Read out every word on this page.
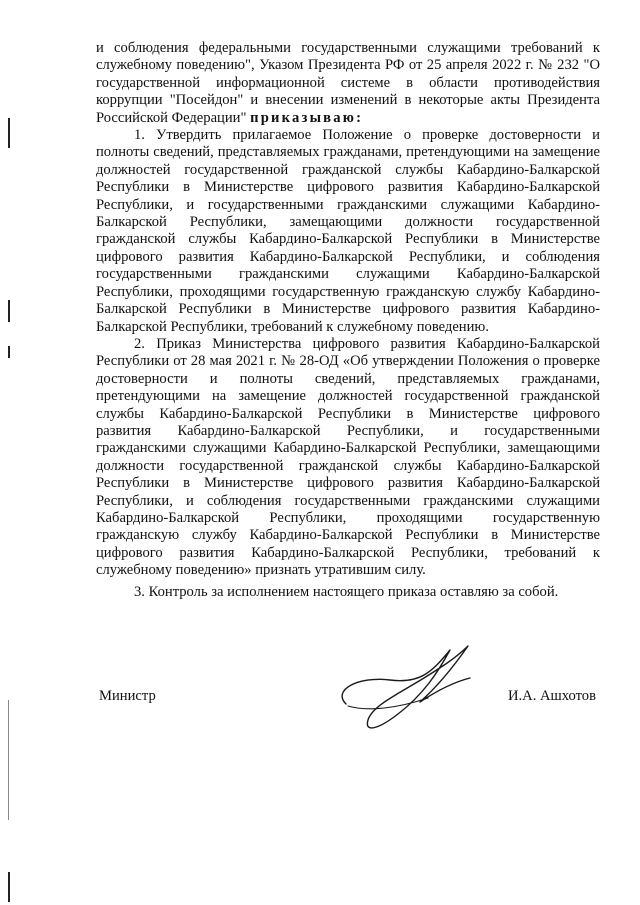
и соблюдения федеральными государственными служащими требований к служебному поведению", Указом Президента РФ от 25 апреля 2022 г. № 232 "О государственной информационной системе в области противодействия коррупции "Посейдон" и внесении изменений в некоторые акты Президента Российской Федерации" приказываю:

1. Утвердить прилагаемое Положение о проверке достоверности и полноты сведений, представляемых гражданами, претендующими на замещение должностей государственной гражданской службы Кабардино-Балкарской Республики в Министерстве цифрового развития Кабардино-Балкарской Республики, и государственными гражданскими служащими Кабардино-Балкарской Республики, замещающими должности государственной гражданской службы Кабардино-Балкарской Республики в Министерстве цифрового развития Кабардино-Балкарской Республики, и соблюдения государственными гражданскими служащими Кабардино-Балкарской Республики, проходящими государственную гражданскую службу Кабардино-Балкарской Республики в Министерстве цифрового развития Кабардино-Балкарской Республики, требований к служебному поведению.

2. Приказ Министерства цифрового развития Кабардино-Балкарской Республики от 28 мая 2021 г. № 28-ОД «Об утверждении Положения о проверке достоверности и полноты сведений, представляемых гражданами, претендующими на замещение должностей государственной гражданской службы Кабардино-Балкарской Республики в Министерстве цифрового развития Кабардино-Балкарской Республики, и государственными гражданскими служащими Кабардино-Балкарской Республики, замещающими должности государственной гражданской службы Кабардино-Балкарской Республики в Министерстве цифрового развития Кабардино-Балкарской Республики, и соблюдения государственными гражданскими служащими Кабардино-Балкарской Республики, проходящими государственную гражданскую службу Кабардино-Балкарской Республики в Министерстве цифрового развития Кабардино-Балкарской Республики, требований к служебному поведению» признать утратившим силу.

3. Контроль за исполнением настоящего приказа оставляю за собой.

Министр	И.А. Ашхотов
